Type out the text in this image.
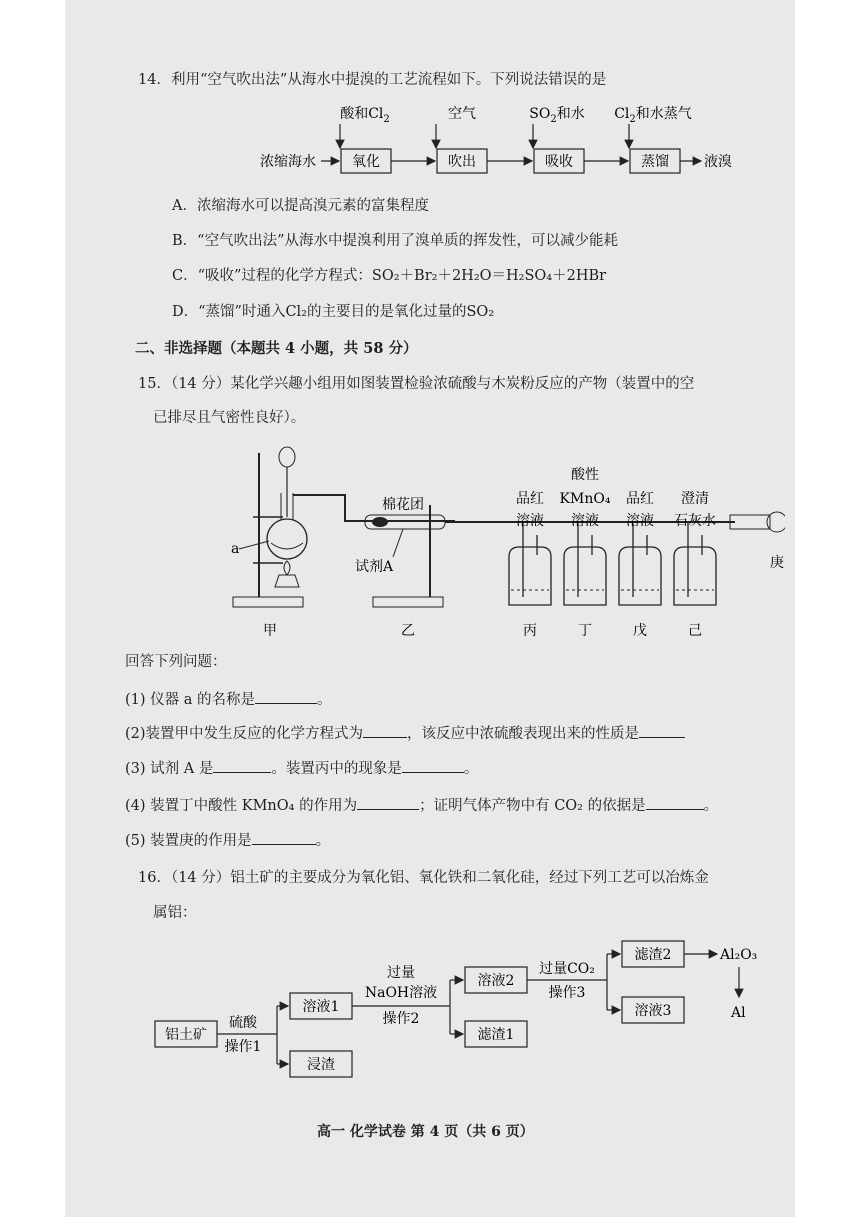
14．利用“空气吹出法”从海水中提溴的工艺流程如下。下列说法错误的是
酸和$Cl_2$	空气	$SO_2$和水 $Cl_2$和水蒸气
浓缩海水	氧化	吹出	吸收	蒸馏	液溴
A．浓缩海水可以提高溴元素的富集程度
B．“空气吹出法”从海水中提溴利用了溴单质的挥发性，可以减少能耗
C．“吸收”过程的化学方程式：SO₂＋Br₂＋2H₂O＝H₂SO₄＋2HBr
D．“蒸馏”时通入Cl₂的主要目的是氧化过量的SO₂
二、非选择题（本题共 4 小题，共 58 分）
15．（14 分）某化学兴趣小组用如图装置检验浓硫酸与木炭粉反应的产物（装置中的空
已排尽且气密性良好）。
a
棉花团
试剂A
品红
溶液
酸性
KMnO₄
溶液
品红
溶液
澄清
石灰水
庚
甲	乙	丙	丁	戊	己
回答下列问题：
(1) 仪器 a 的名称是	。
(2)装置甲中发生反应的化学方程式为	，该反应中浓硫酸表现出来的性质是
(3) 试剂 A 是	。装置丙中的现象是	。
(4) 装置丁中酸性 KMnO₄ 的作用为	；证明气体产物中有 CO₂ 的依据是	。
(5) 装置庚的作用是	。
16．（14 分）铝土矿的主要成分为氧化铝、氧化铁和二氧化硅，经过下列工艺可以冶炼金
属铝：
铝土矿
溶液1
浸渣
溶液2
滤渣1
滤渣2
溶液3
硫酸
操作1
过量
NaOH溶液
操作2
过量CO₂
操作3
Al₂O₃
Al
高一 化学试卷 第 4 页（共 6 页）
